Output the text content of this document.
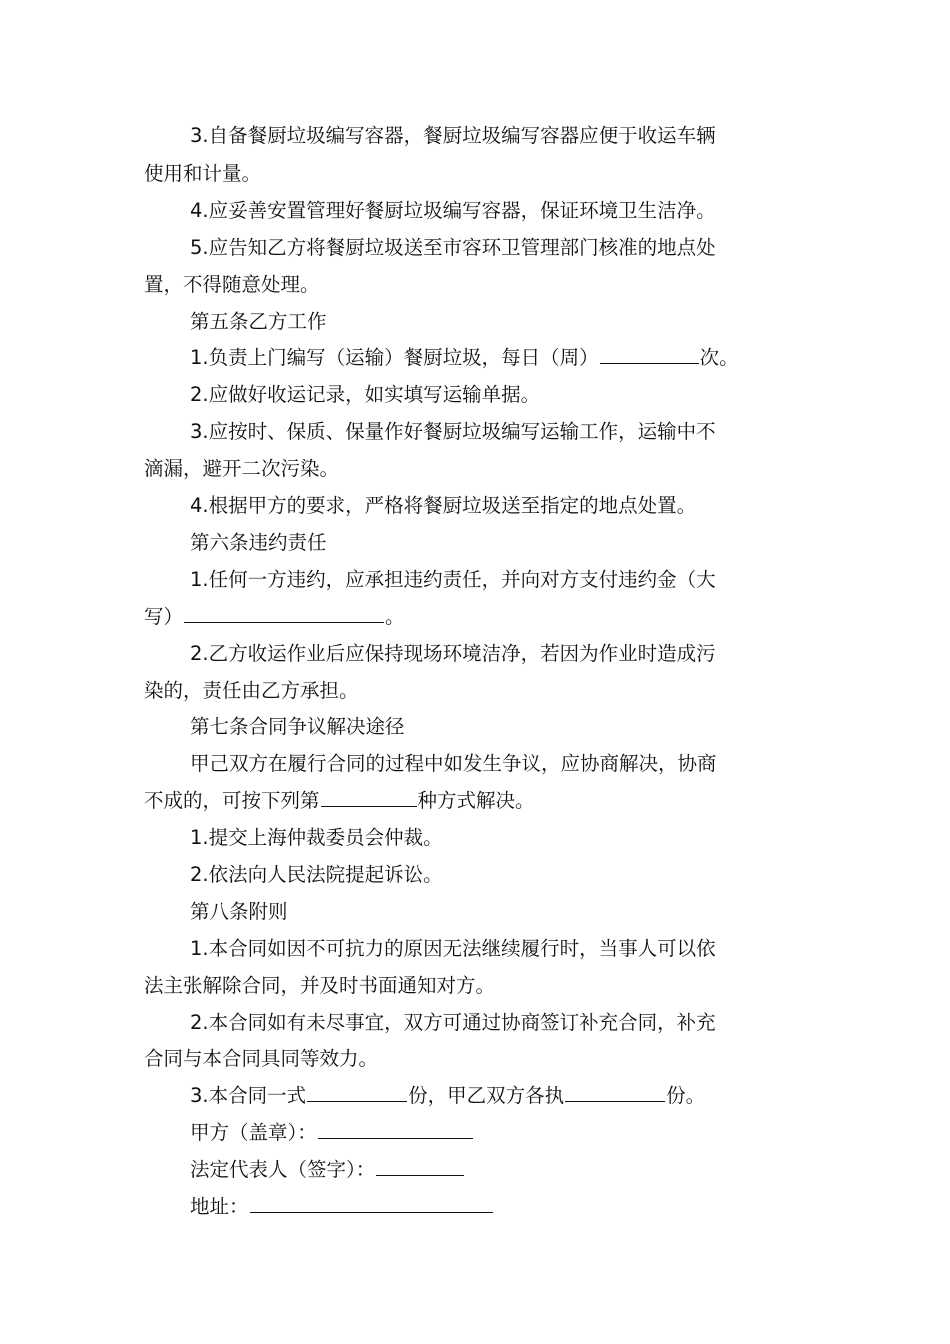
3.自备餐厨垃圾编写容器，餐厨垃圾编写容器应便于收运车辆
使用和计量。
4.应妥善安置管理好餐厨垃圾编写容器，保证环境卫生洁净。
5.应告知乙方将餐厨垃圾送至市容环卫管理部门核准的地点处
置，不得随意处理。
第五条乙方工作
1.负责上门编写（运输）餐厨垃圾，每日（周）	次。
2.应做好收运记录，如实填写运输单据。
3.应按时、保质、保量作好餐厨垃圾编写运输工作，运输中不
滴漏，避开二次污染。
4.根据甲方的要求，严格将餐厨垃圾送至指定的地点处置。
第六条违约责任
1.任何一方违约，应承担违约责任，并向对方支付违约金（大
写）	。
2.乙方收运作业后应保持现场环境洁净，若因为作业时造成污
染的，责任由乙方承担。
第七条合同争议解决途径
甲己双方在履行合同的过程中如发生争议，应协商解决，协商
不成的，可按下列第	种方式解决。
1.提交上海仲裁委员会仲裁。
2.依法向人民法院提起诉讼。
第八条附则
1.本合同如因不可抗力的原因无法继续履行时，当事人可以依
法主张解除合同，并及时书面通知对方。
2.本合同如有未尽事宜，双方可通过协商签订补充合同，补充
合同与本合同具同等效力。
3.本合同一式	份，甲乙双方各执	份。
甲方（盖章）：
法定代表人（签字）：
地址：
